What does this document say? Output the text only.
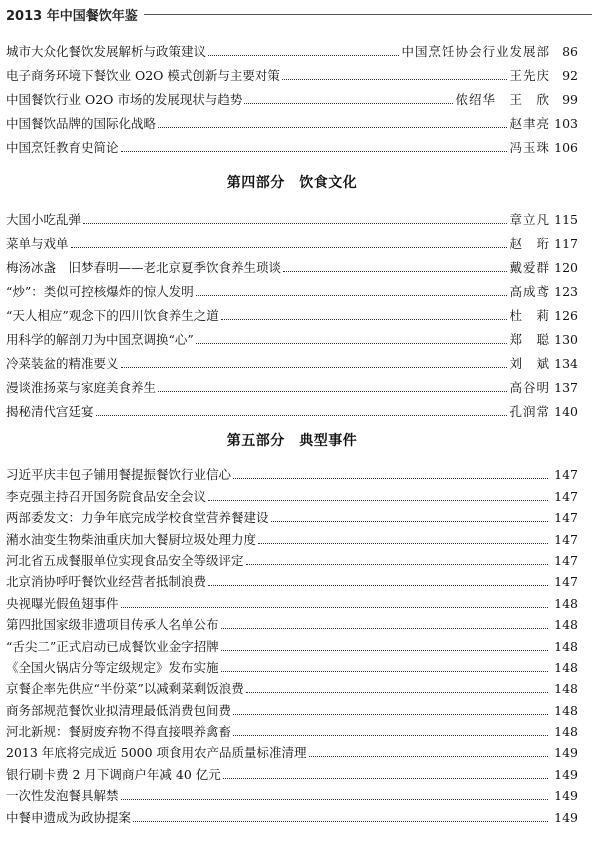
2013 年中国餐饮年鉴
城市大众化餐饮发展解析与政策建议	中国烹饪协会行业发展部 86
电子商务环境下餐饮业 O2O 模式创新与主要对策	王先庆 92
中国餐饮行业 O2O 市场的发展现状与趋势	侬绍华　王　欣 99
中国餐饮品牌的国际化战略	赵聿亮 103
中国烹饪教育史简论	冯玉珠 106
第四部分　饮食文化
大国小吃乱弹	章立凡 115
菜单与戏单	赵　珩 117
梅汤冰盏　旧梦春明——老北京夏季饮食养生琐谈	戴爱群 120
“炒”：类似可控核爆炸的惊人发明	高成鸢 123
“天人相应”观念下的四川饮食养生之道	杜　莉 126
用科学的解剖刀为中国烹调换“心”	郑　聪 130
冷菜装盆的精准要义	刘　斌 134
漫谈淮扬菜与家庭美食养生	高谷明 137
揭秘清代宫廷宴	孔润常 140
第五部分　典型事件
习近平庆丰包子铺用餐提振餐饮行业信心	147
李克强主持召开国务院食品安全会议	147
两部委发文：力争年底完成学校食堂营养餐建设	147
潲水油变生物柴油重庆加大餐厨垃圾处理力度	147
河北省五成餐服单位实现食品安全等级评定	147
北京消协呼吁餐饮业经营者抵制浪费	147
央视曝光假鱼翅事件	148
第四批国家级非遗项目传承人名单公布	148
“舌尖二”正式启动已成餐饮业金字招牌	148
《全国火锅店分等定级规定》发布实施	148
京餐企率先供应“半份菜”以减剩菜剩饭浪费	148
商务部规范餐饮业拟清理最低消费包间费	148
河北新规：餐厨废弃物不得直接喂养禽畜	148
2013 年底将完成近 5000 项食用农产品质量标准清理	149
银行刷卡费 2 月下调商户年减 40 亿元	149
一次性发泡餐具解禁	149
中餐申遗成为政协提案	149
